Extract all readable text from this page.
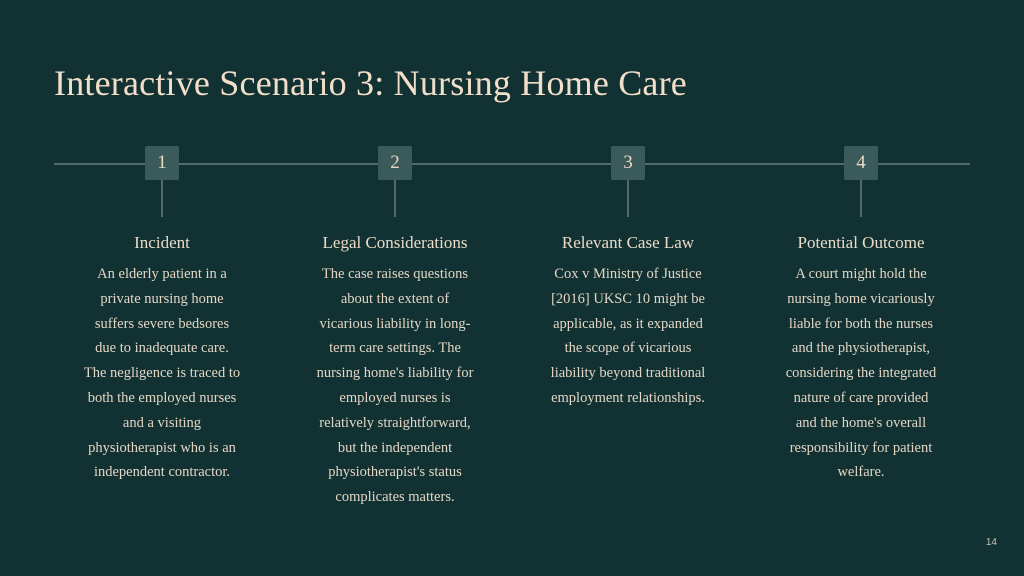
Interactive Scenario 3: Nursing Home Care
1

Incident

An elderly patient in a
private nursing home
suffers severe bedsores
due to inadequate care.
The negligence is traced to
both the employed nurses
and a visiting
physiotherapist who is an
independent contractor.
2

Legal Considerations

The case raises questions
about the extent of
vicarious liability in long-
term care settings. The
nursing home's liability for
employed nurses is
relatively straightforward,
but the independent
physiotherapist's status
complicates matters.
3

Relevant Case Law

Cox v Ministry of Justice
[2016] UKSC 10 might be
applicable, as it expanded
the scope of vicarious
liability beyond traditional
employment relationships.
4

Potential Outcome

A court might hold the
nursing home vicariously
liable for both the nurses
and the physiotherapist,
considering the integrated
nature of care provided
and the home's overall
responsibility for patient
welfare.
14
